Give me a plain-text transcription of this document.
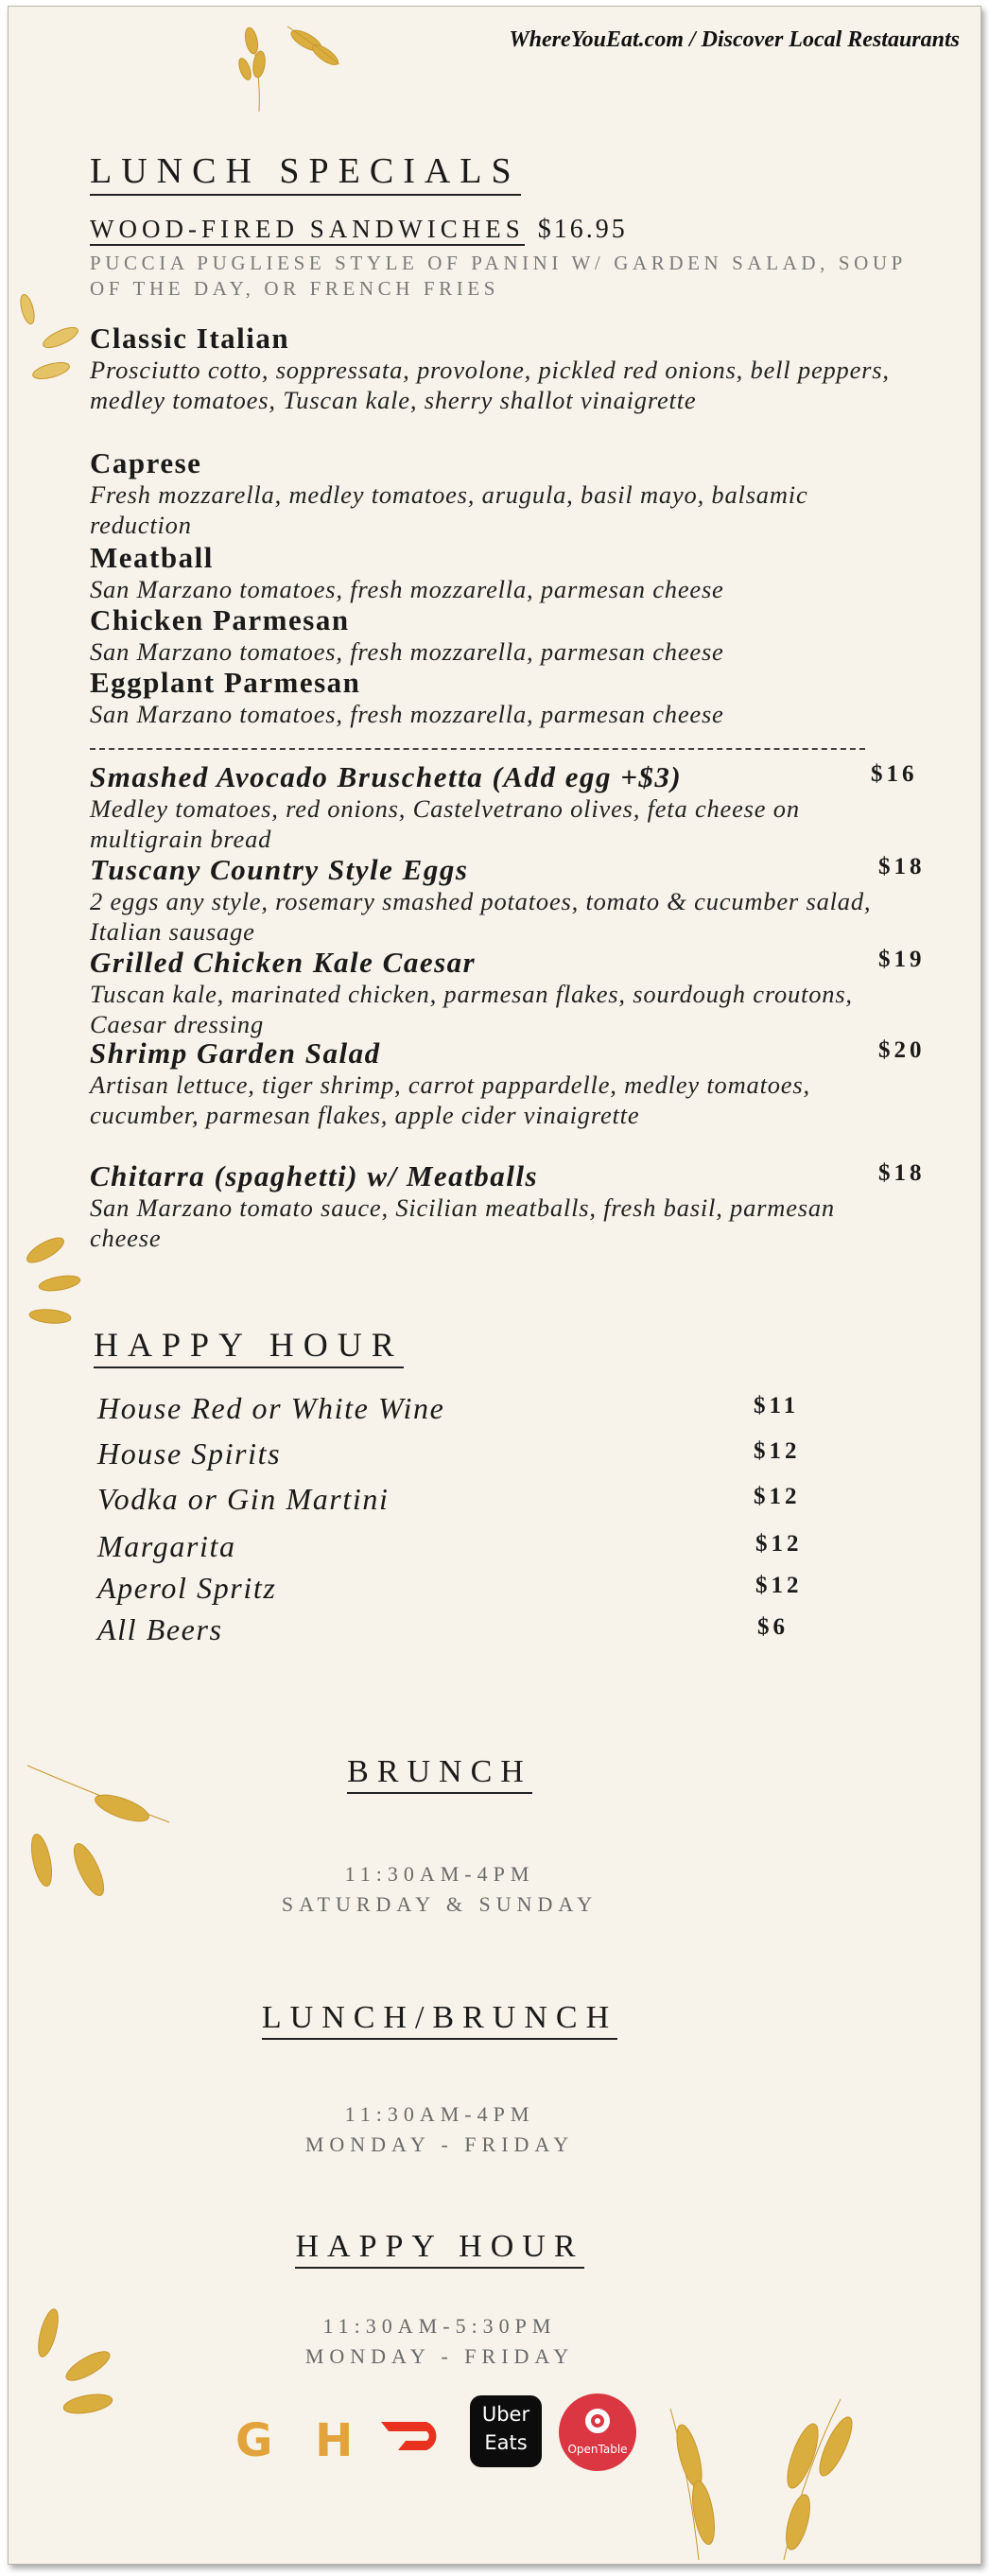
WhereYouEat.com / Discover Local Restaurants
LUNCH SPECIALS
WOOD-FIRED SANDWICHES $16.95
PUCCIA PUGLIESE STYLE OF PANINI W/ GARDEN SALAD, SOUP OF THE DAY, OR FRENCH FRIES
Classic Italian
Prosciutto cotto, soppressata, provolone, pickled red onions, bell peppers, medley tomatoes, Tuscan kale, sherry shallot vinaigrette
Caprese
Fresh mozzarella, medley tomatoes, arugula, basil mayo, balsamic reduction
Meatball
San Marzano tomatoes, fresh mozzarella, parmesan cheese
Chicken Parmesan
San Marzano tomatoes, fresh mozzarella, parmesan cheese
Eggplant Parmesan
San Marzano tomatoes, fresh mozzarella, parmesan cheese
Smashed Avocado Bruschetta (Add egg +$3)	$16
Medley tomatoes, red onions, Castelvetrano olives, feta cheese on multigrain bread
Tuscany Country Style Eggs	$18
2 eggs any style, rosemary smashed potatoes, tomato & cucumber salad, Italian sausage
Grilled Chicken Kale Caesar	$19
Tuscan kale, marinated chicken, parmesan flakes, sourdough croutons, Caesar dressing
Shrimp Garden Salad	$20
Artisan lettuce, tiger shrimp, carrot pappardelle, medley tomatoes, cucumber, parmesan flakes, apple cider vinaigrette
Chitarra (spaghetti) w/ Meatballs	$18
San Marzano tomato sauce, Sicilian meatballs, fresh basil, parmesan cheese
HAPPY HOUR
House Red or White Wine	$11
House Spirits	$12
Vodka or Gin Martini	$12
Margarita	$12
Aperol Spritz	$12
All Beers	$6
BRUNCH
11:30AM-4PM
SATURDAY & SUNDAY
LUNCH/BRUNCH
11:30AM-4PM
MONDAY - FRIDAY
HAPPY HOUR
11:30AM-5:30PM
MONDAY - FRIDAY
G H	Uber
Eats	OpenTable
